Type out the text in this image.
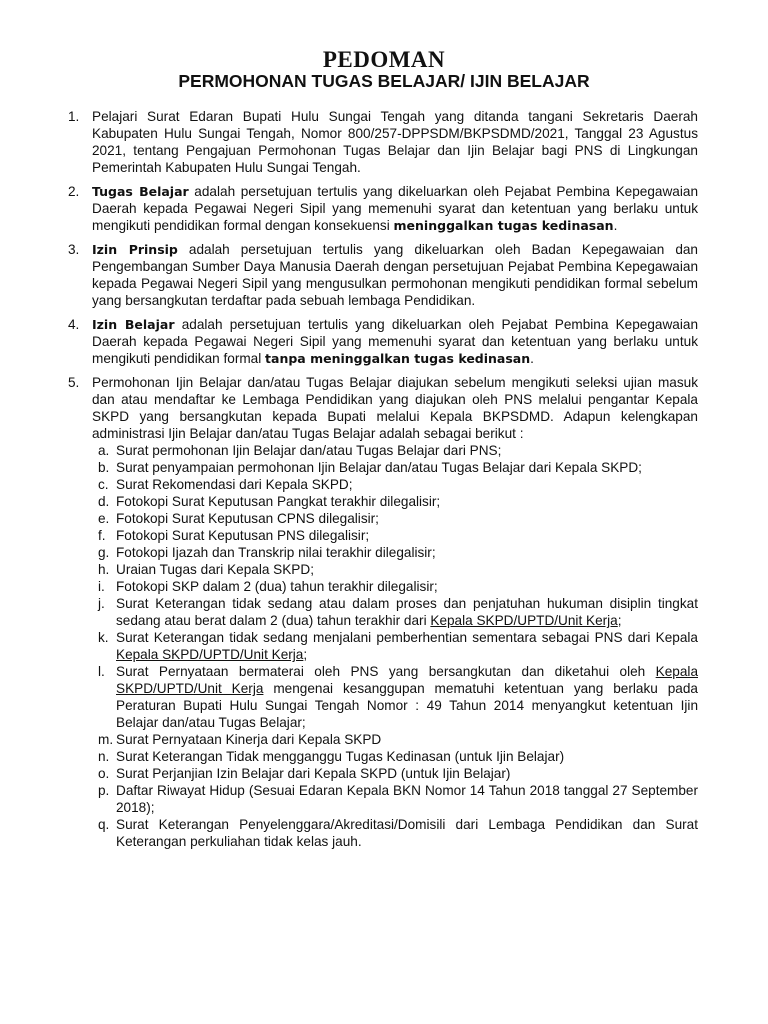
PEDOMAN
PERMOHONAN TUGAS BELAJAR/ IJIN BELAJAR
1. Pelajari Surat Edaran Bupati Hulu Sungai Tengah yang ditanda tangani Sekretaris Daerah Kabupaten Hulu Sungai Tengah, Nomor 800/257-DPPSDM/BKPSDMD/2021, Tanggal 23 Agustus 2021, tentang Pengajuan Permohonan Tugas Belajar dan Ijin Belajar bagi PNS di Lingkungan Pemerintah Kabupaten Hulu Sungai Tengah.
2. Tugas Belajar adalah persetujuan tertulis yang dikeluarkan oleh Pejabat Pembina Kepegawaian Daerah kepada Pegawai Negeri Sipil yang memenuhi syarat dan ketentuan yang berlaku untuk mengikuti pendidikan formal dengan konsekuensi meninggalkan tugas kedinasan.
3. Izin Prinsip adalah persetujuan tertulis yang dikeluarkan oleh Badan Kepegawaian dan Pengembangan Sumber Daya Manusia Daerah dengan persetujuan Pejabat Pembina Kepegawaian kepada Pegawai Negeri Sipil yang mengusulkan permohonan mengikuti pendidikan formal sebelum yang bersangkutan terdaftar pada sebuah lembaga Pendidikan.
4. Izin Belajar adalah persetujuan tertulis yang dikeluarkan oleh Pejabat Pembina Kepegawaian Daerah kepada Pegawai Negeri Sipil yang memenuhi syarat dan ketentuan yang berlaku untuk mengikuti pendidikan formal tanpa meninggalkan tugas kedinasan.
5. Permohonan Ijin Belajar dan/atau Tugas Belajar diajukan sebelum mengikuti seleksi ujian masuk dan atau mendaftar ke Lembaga Pendidikan yang diajukan oleh PNS melalui pengantar Kepala SKPD yang bersangkutan kepada Bupati melalui Kepala BKPSDMD. Adapun kelengkapan administrasi Ijin Belajar dan/atau Tugas Belajar adalah sebagai berikut :
a. Surat permohonan Ijin Belajar dan/atau Tugas Belajar dari PNS;
b. Surat penyampaian permohonan Ijin Belajar dan/atau Tugas Belajar dari Kepala SKPD;
c. Surat Rekomendasi dari Kepala SKPD;
d. Fotokopi Surat Keputusan Pangkat terakhir dilegalisir;
e. Fotokopi Surat Keputusan CPNS dilegalisir;
f. Fotokopi Surat Keputusan PNS dilegalisir;
g. Fotokopi Ijazah dan Transkrip nilai terakhir dilegalisir;
h. Uraian Tugas dari Kepala SKPD;
i. Fotokopi SKP dalam 2 (dua) tahun terakhir dilegalisir;
j. Surat Keterangan tidak sedang atau dalam proses dan penjatuhan hukuman disiplin tingkat sedang atau berat dalam 2 (dua) tahun terakhir dari Kepala SKPD/UPTD/Unit Kerja;
k. Surat Keterangan tidak sedang menjalani pemberhentian sementara sebagai PNS dari Kepala Kepala SKPD/UPTD/Unit Kerja;
l. Surat Pernyataan bermaterai oleh PNS yang bersangkutan dan diketahui oleh Kepala SKPD/UPTD/Unit Kerja mengenai kesanggupan mematuhi ketentuan yang berlaku pada Peraturan Bupati Hulu Sungai Tengah Nomor : 49 Tahun 2014 menyangkut ketentuan Ijin Belajar dan/atau Tugas Belajar;
m. Surat Pernyataan Kinerja dari Kepala SKPD
n. Surat Keterangan Tidak mengganggu Tugas Kedinasan (untuk Ijin Belajar)
o. Surat Perjanjian Izin Belajar dari Kepala SKPD (untuk Ijin Belajar)
p. Daftar Riwayat Hidup (Sesuai Edaran Kepala BKN Nomor 14 Tahun 2018 tanggal 27 September 2018);
q. Surat Keterangan Penyelenggara/Akreditasi/Domisili dari Lembaga Pendidikan dan Surat Keterangan perkuliahan tidak kelas jauh.
